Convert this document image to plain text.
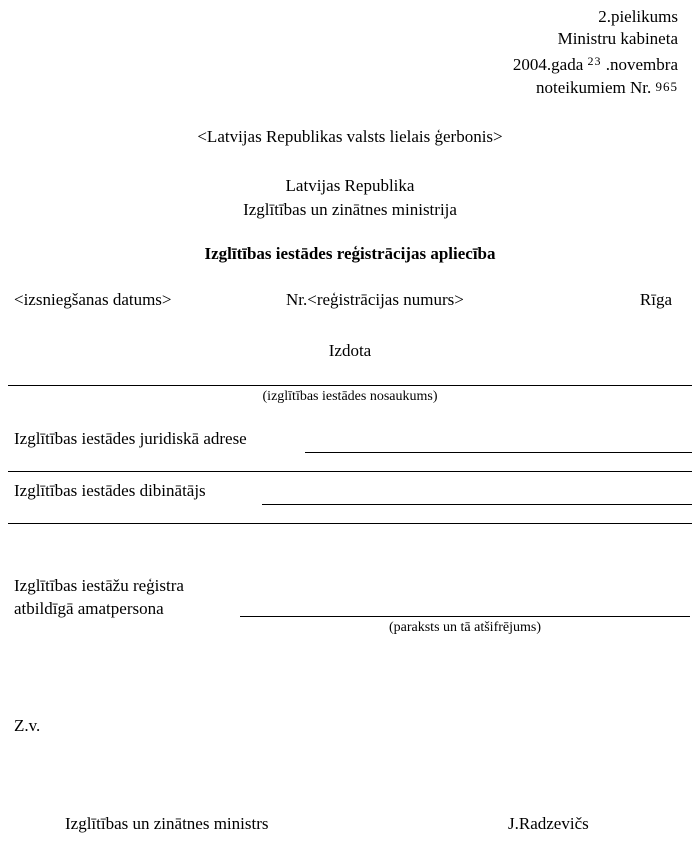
2.pielikums
Ministru kabineta
2004.gada $^{23}$ .novembra
noteikumiem Nr. 965
<Latvijas Republikas valsts lielais ģerbonis>
Latvijas Republika
Izglītības un zinātnes ministrija
Izglītības iestādes reģistrācijas apliecība
<izsniegšanas datums>	Nr.<reģistrācijas numurs>	Rīga
Izdota
(izglītības iestādes nosaukums)
Izglītības iestādes juridiskā adrese
Izglītības iestādes dibinātājs
Izglītības iestāžu reģistra
atbildīgā amatpersona
(paraksts un tā atšifrējums)
Z.v.
Izglītības un zinātnes ministrs	J.Radzevičs
